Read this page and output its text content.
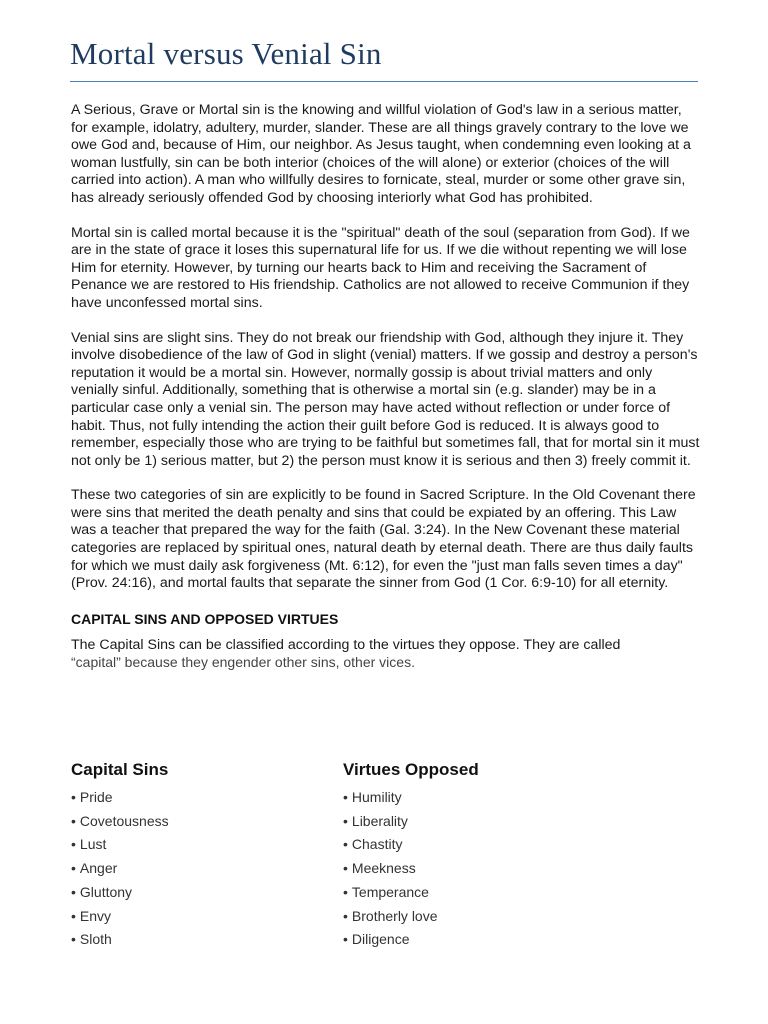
Mortal versus Venial Sin

A Serious, Grave or Mortal sin is the knowing and willful violation of God's law in a serious matter, for example, idolatry, adultery, murder, slander. These are all things gravely contrary to the love we owe God and, because of Him, our neighbor. As Jesus taught, when condemning even looking at a woman lustfully, sin can be both interior (choices of the will alone) or exterior (choices of the will carried into action). A man who willfully desires to fornicate, steal, murder or some other grave sin, has already seriously offended God by choosing interiorly what God has prohibited.

Mortal sin is called mortal because it is the "spiritual" death of the soul (separation from God). If we are in the state of grace it loses this supernatural life for us. If we die without repenting we will lose Him for eternity. However, by turning our hearts back to Him and receiving the Sacrament of Penance we are restored to His friendship. Catholics are not allowed to receive Communion if they have unconfessed mortal sins.

Venial sins are slight sins. They do not break our friendship with God, although they injure it. They involve disobedience of the law of God in slight (venial) matters. If we gossip and destroy a person's reputation it would be a mortal sin. However, normally gossip is about trivial matters and only venially sinful. Additionally, something that is otherwise a mortal sin (e.g. slander) may be in a particular case only a venial sin. The person may have acted without reflection or under force of habit. Thus, not fully intending the action their guilt before God is reduced. It is always good to remember, especially those who are trying to be faithful but sometimes fall, that for mortal sin it must not only be 1) serious matter, but 2) the person must know it is serious and then 3) freely commit it.

These two categories of sin are explicitly to be found in Sacred Scripture. In the Old Covenant there were sins that merited the death penalty and sins that could be expiated by an offering. This Law was a teacher that prepared the way for the faith (Gal. 3:24). In the New Covenant these material categories are replaced by spiritual ones, natural death by eternal death. There are thus daily faults for which we must daily ask forgiveness (Mt. 6:12), for even the "just man falls seven times a day" (Prov. 24:16), and mortal faults that separate the sinner from God (1 Cor. 6:9-10) for all eternity.

CAPITAL SINS AND OPPOSED VIRTUES

The Capital Sins can be classified according to the virtues they oppose. They are called

“capital” because they engender other sins, other vices.

Capital Sins
• Pride
• Covetousness
• Lust
• Anger
• Gluttony
• Envy
• Sloth
Virtues Opposed
• Humility
• Liberality
• Chastity
• Meekness
• Temperance
• Brotherly love
• Diligence
